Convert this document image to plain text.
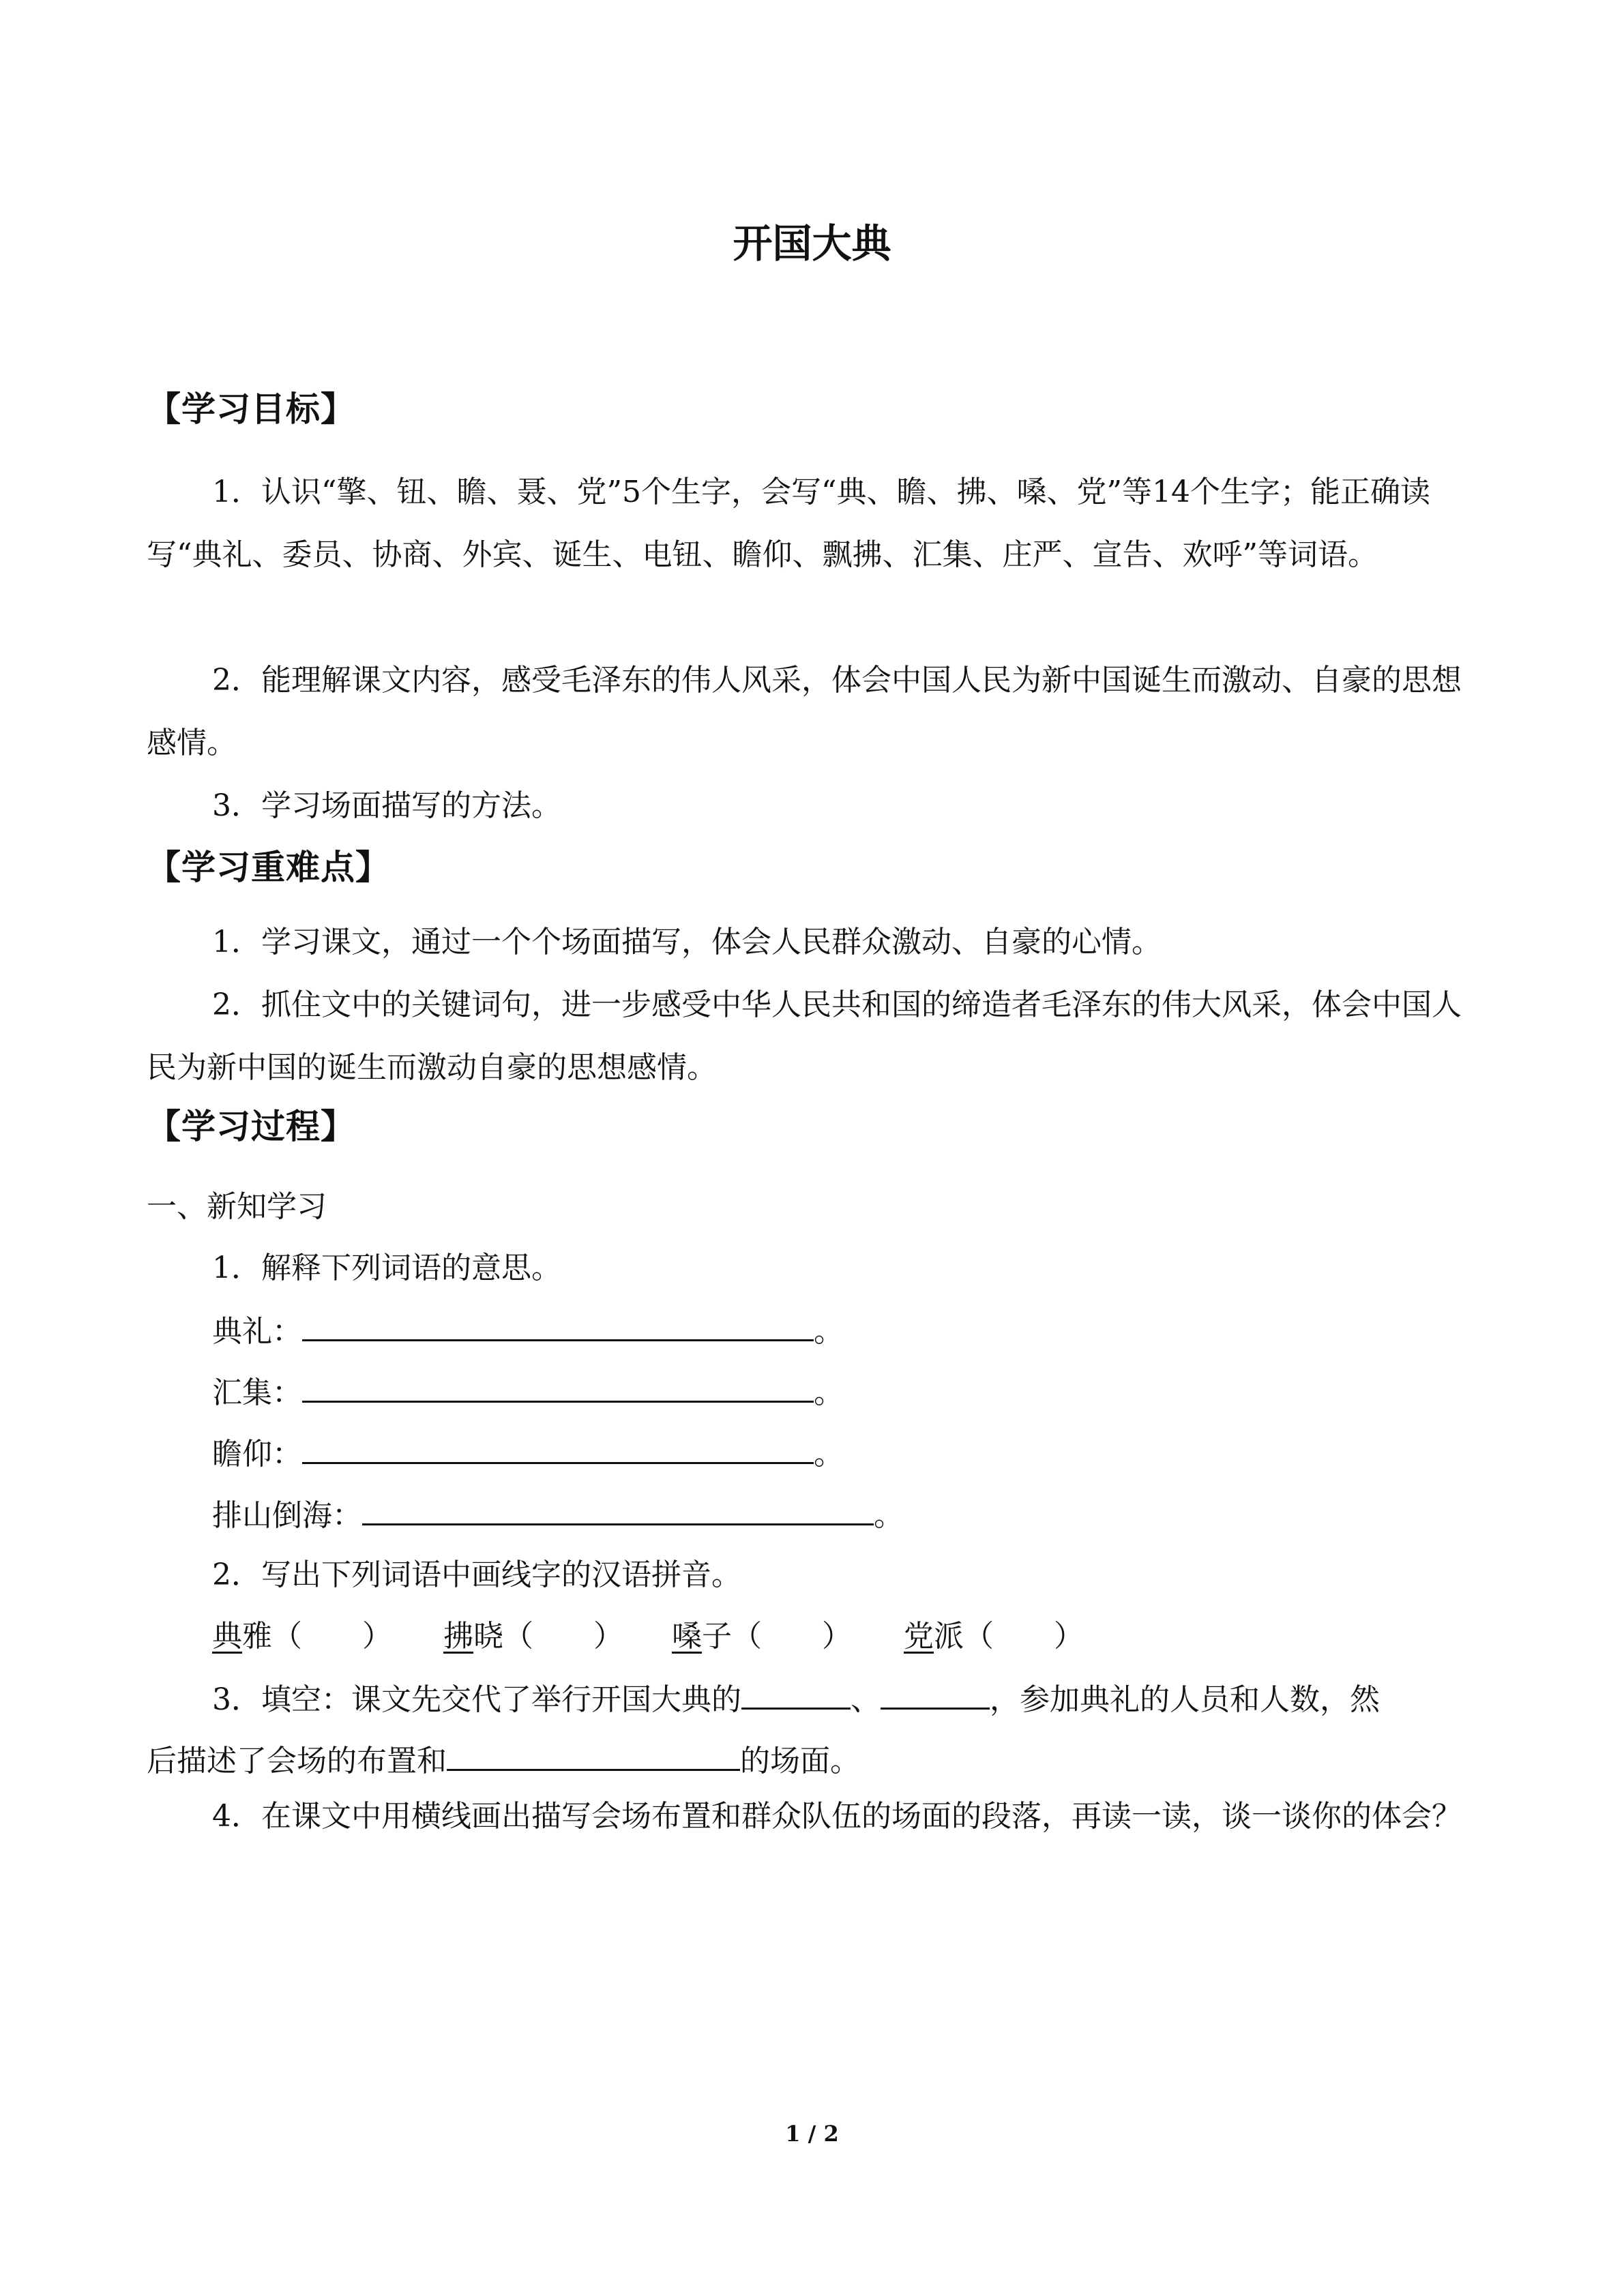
开国大典
【学习目标】
1．认识“擎、钮、瞻、聂、党”5个生字，会写“典、瞻、拂、嗓、党”等14个生字；能正确读写“典礼、委员、协商、外宾、诞生、电钮、瞻仰、飘拂、汇集、庄严、宣告、欢呼”等词语。
2．能理解课文内容，感受毛泽东的伟人风采，体会中国人民为新中国诞生而激动、自豪的思想感情。
3．学习场面描写的方法。
【学习重难点】
1．学习课文，通过一个个场面描写，体会人民群众激动、自豪的心情。
2．抓住文中的关键词句，进一步感受中华人民共和国的缔造者毛泽东的伟大风采，体会中国人民为新中国的诞生而激动自豪的思想感情。
【学习过程】
一、新知学习
1．解释下列词语的意思。
典礼：	。
汇集：	。
瞻仰：	。
排山倒海：	。
2．写出下列词语中画线字的汉语拼音。
典雅（　　） 拂晓（　　） 嗓子（　　） 党派（　　）
3．填空：课文先交代了举行开国大典的	、	，参加典礼的人员和人数，然
后描述了会场的布置和	的场面。
4．在课文中用横线画出描写会场布置和群众队伍的场面的段落，再读一读，谈一谈你的体会？
1 / 2
